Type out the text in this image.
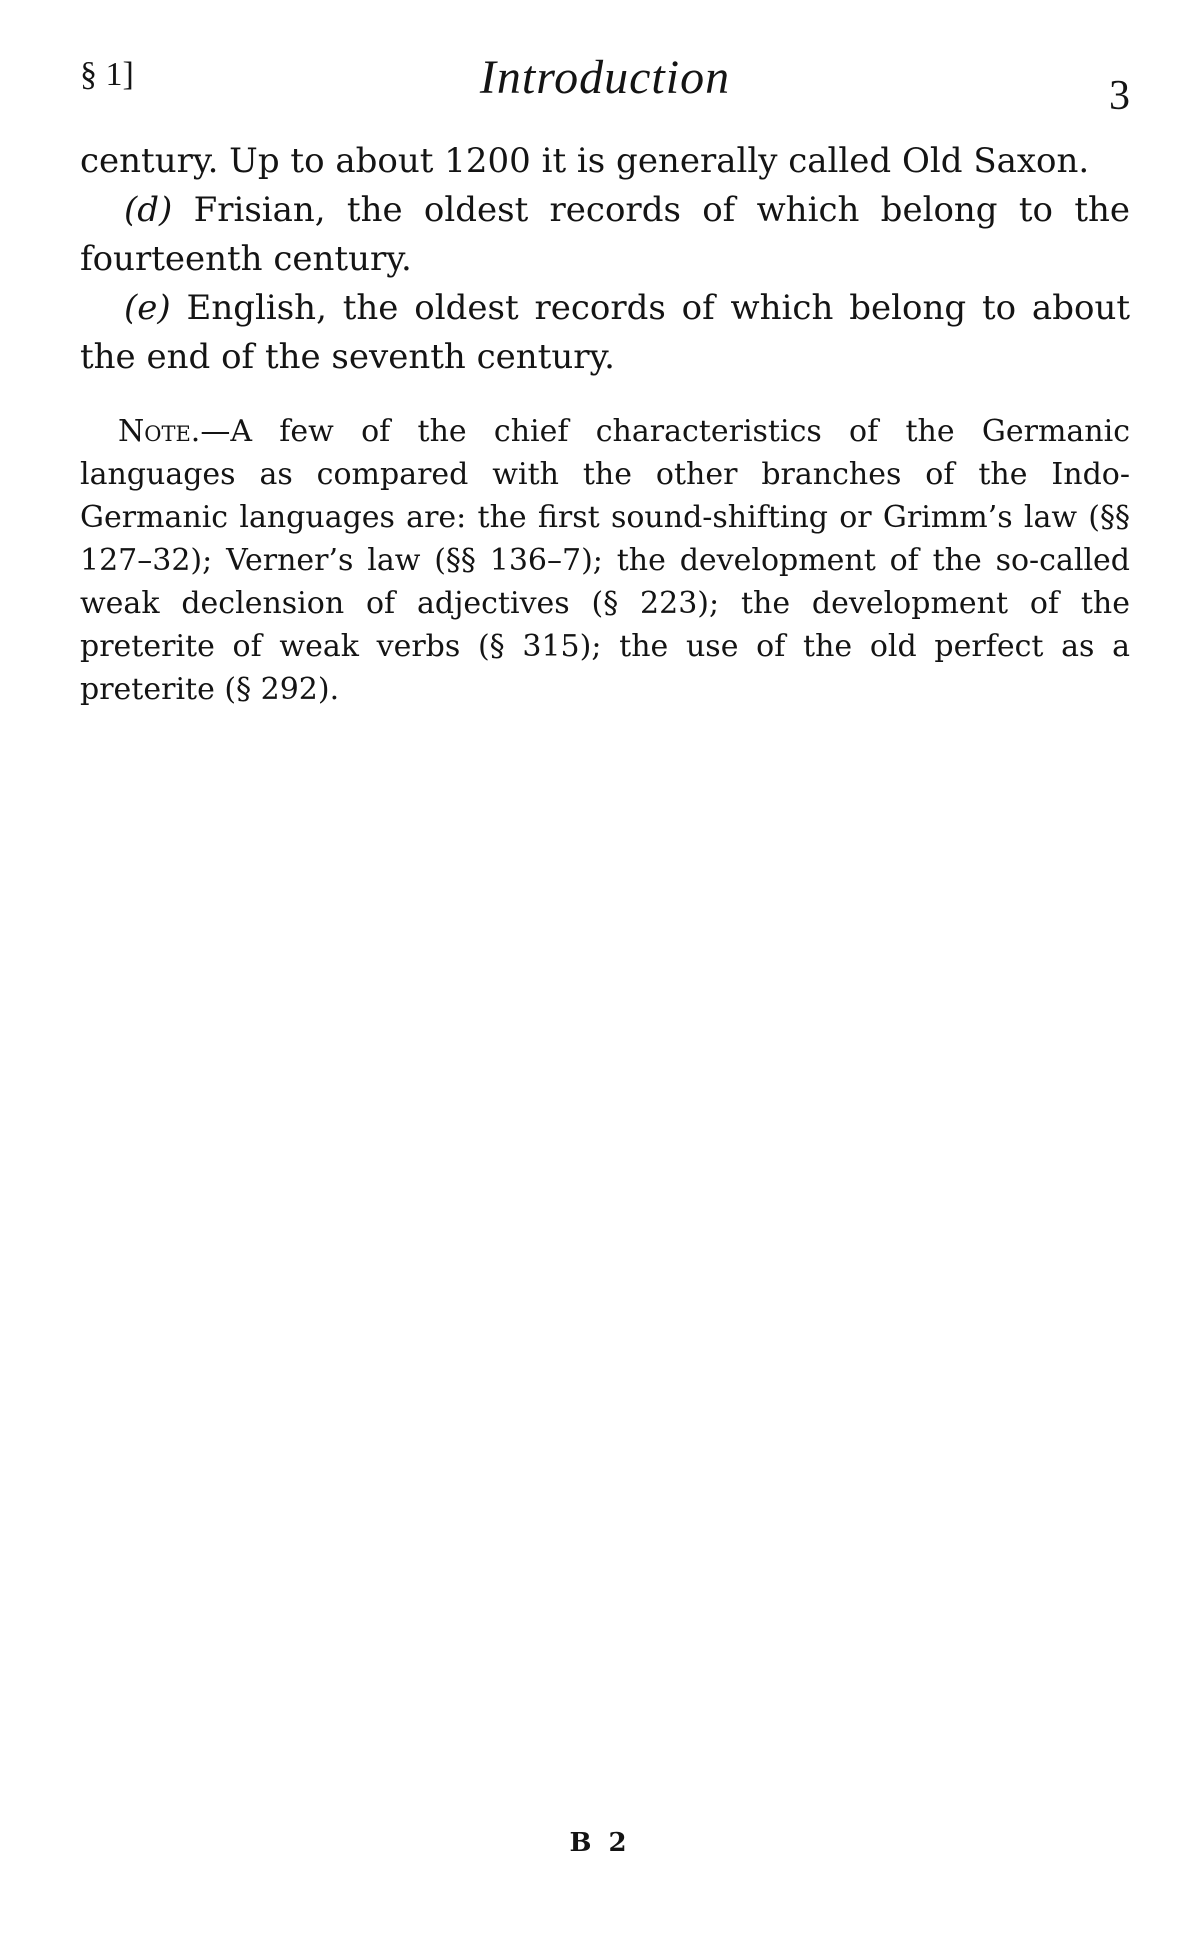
§ 1]	Introduction	3

century. Up to about 1200 it is generally called Old Saxon.

(d) Frisian, the oldest records of which belong to the fourteenth century.

(e) English, the oldest records of which belong to about the end of the seventh century.

Note.—A few of the chief characteristics of the Germanic languages as compared with the other branches of the Indo-Germanic languages are: the first sound-shifting or Grimm’s law (§§ 127–32); Verner’s law (§§ 136–7); the development of the so-called weak declension of adjectives (§ 223); the development of the preterite of weak verbs (§ 315); the use of the old perfect as a preterite (§ 292).

B 2
